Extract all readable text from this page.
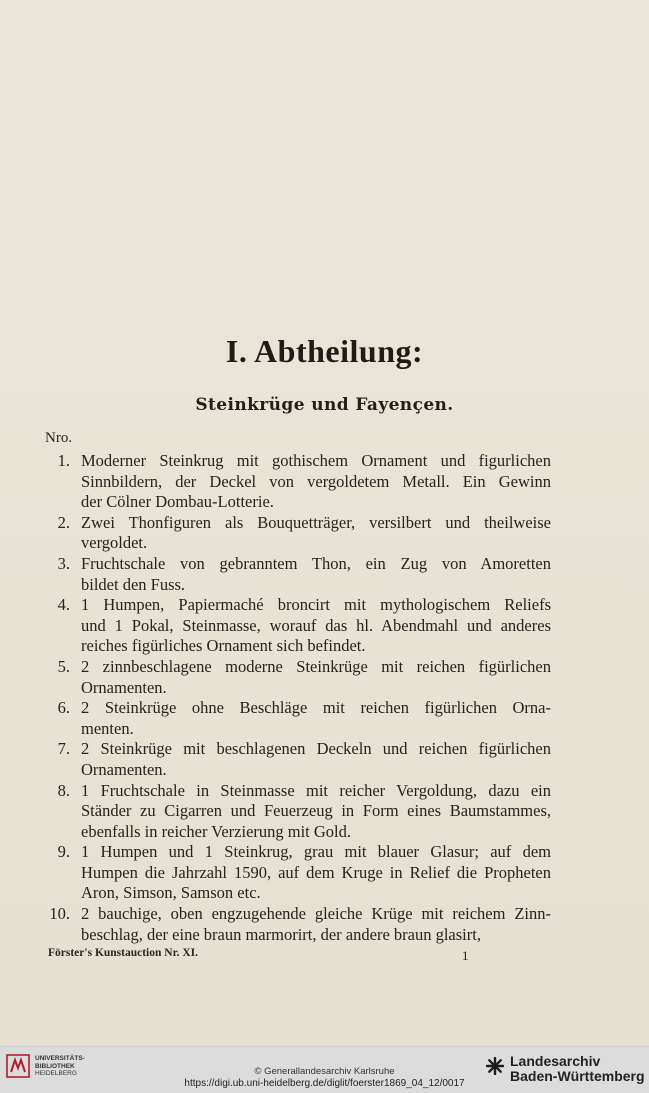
I. Abtheilung:
Steinkrüge und Fayençen.
Nro.
1. Moderner Steinkrug mit gothischem Ornament und figurlichen
Sinnbildern, der Deckel von vergoldetem Metall. Ein Gewinn
der Cölner Dombau-Lotterie.
2. Zwei Thonfiguren als Bouquetträger, versilbert und theilweise
vergoldet.
3. Fruchtschale von gebranntem Thon, ein Zug von Amoretten
bildet den Fuss.
4. 1 Humpen, Papiermaché broncirt mit mythologischem Reliefs
und 1 Pokal, Steinmasse, worauf das hl. Abendmahl und anderes
reiches figürliches Ornament sich befindet.
5. 2 zinnbeschlagene moderne Steinkrüge mit reichen figürlichen
Ornamenten.
6. 2 Steinkrüge ohne Beschläge mit reichen figürlichen Orna-
menten.
7. 2 Steinkrüge mit beschlagenen Deckeln und reichen figürlichen
Ornamenten.
8. 1 Fruchtschale in Steinmasse mit reicher Vergoldung, dazu ein
Ständer zu Cigarren und Feuerzeug in Form eines Baumstammes,
ebenfalls in reicher Verzierung mit Gold.
9. 1 Humpen und 1 Steinkrug, grau mit blauer Glasur; auf dem
Humpen die Jahrzahl 1590, auf dem Kruge in Relief die Propheten
Aron, Simson, Samson etc.
10. 2 bauchige, oben engzugehende gleiche Krüge mit reichem Zinn-
beschlag, der eine braun marmorirt, der andere braun glasirt,
Förster's Kunstauction Nr. XI.	1
UNIVERSITÄTS-
BIBLIOTHEK
HEIDELBERG	© Generallandesarchiv Karlsruhe
https://digi.ub.uni-heidelberg.de/diglit/foerster1869_04_12/0017
Landesarchiv
Baden-Württemberg
